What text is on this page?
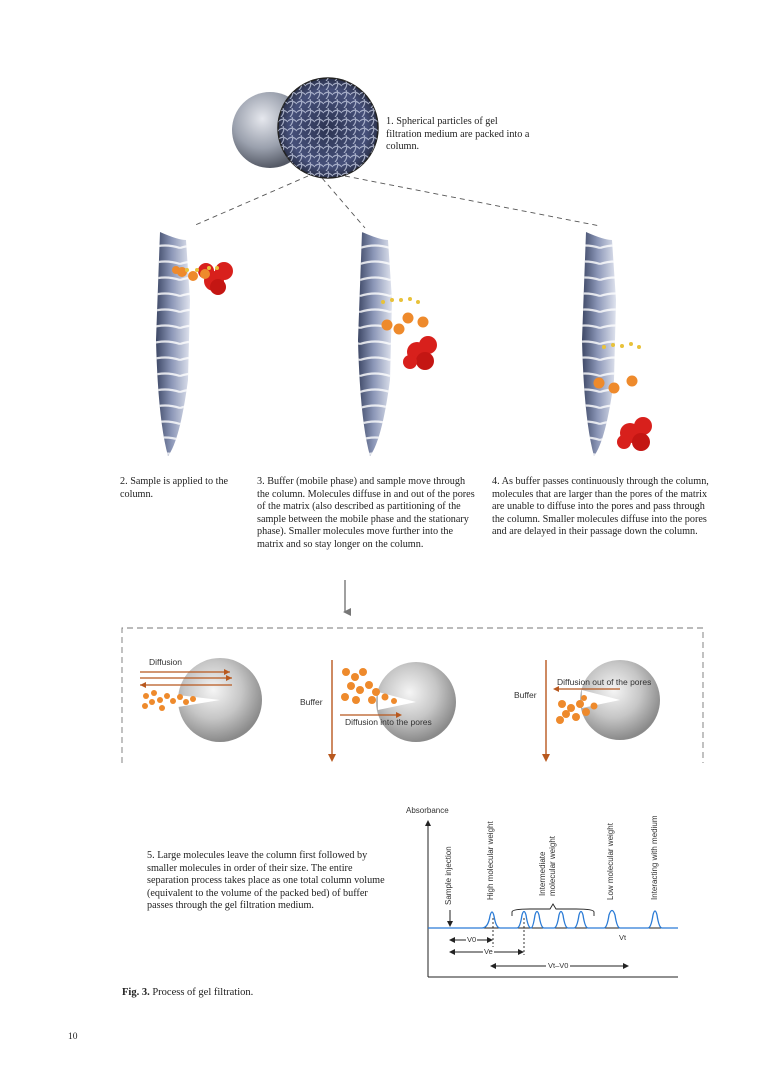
1. Spherical particles of gel filtration medium are packed into a column.
2. Sample is applied to the column.
3. Buffer (mobile phase) and sample move through the column. Molecules diffuse in and out of the pores of the matrix (also described as partitioning of the sample between the mobile phase and the stationary phase). Smaller molecules move further into the matrix and so stay longer on the column.
4. As buffer passes continuously through the column, molecules that are larger than the pores of the matrix are unable to diffuse into the pores and pass through the column. Smaller molecules diffuse into the pores and are delayed in their passage down the column.
Diffusion
Buffer
Diffusion into the pores
Buffer
Diffusion out of the pores
5. Large molecules leave the column first followed by smaller molecules in order of their size. The entire separation process takes place as one total column volume (equivalent to the volume of the packed bed) of buffer passes through the gel filtration medium.
Absorbance
Sample injection	High molecular weight	Intermediate molecular weight	Low molecular weight	Interacting with medium
Vt
V0
Ve
Vt–V0
Fig. 3. Process of gel filtration.
10
